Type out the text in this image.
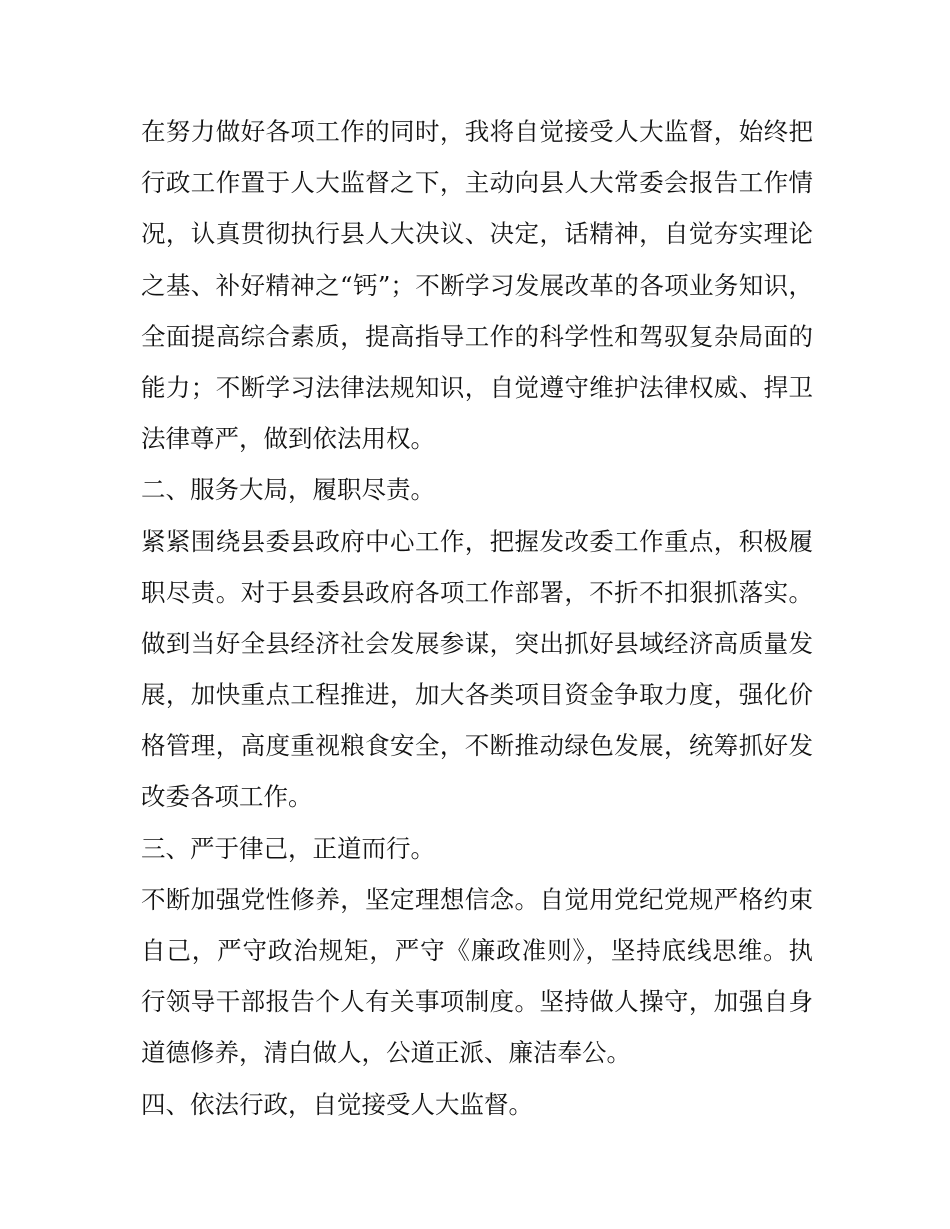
在努力做好各项工作的同时，我将自觉接受人大监督，始终把
行政工作置于人大监督之下，主动向县人大常委会报告工作情
况，认真贯彻执行县人大决议、决定，话精神，自觉夯实理论
之基、补好精神之“钙”；不断学习发展改革的各项业务知识，
全面提高综合素质，提高指导工作的科学性和驾驭复杂局面的
能力；不断学习法律法规知识，自觉遵守维护法律权威、捍卫
法律尊严，做到依法用权。
二、服务大局，履职尽责。
紧紧围绕县委县政府中心工作，把握发改委工作重点，积极履
职尽责。对于县委县政府各项工作部署，不折不扣狠抓落实。
做到当好全县经济社会发展参谋，突出抓好县域经济高质量发
展，加快重点工程推进，加大各类项目资金争取力度，强化价
格管理，高度重视粮食安全，不断推动绿色发展，统筹抓好发
改委各项工作。
三、严于律己，正道而行。
不断加强党性修养，坚定理想信念。自觉用党纪党规严格约束
自己，严守政治规矩，严守《廉政准则》，坚持底线思维。执
行领导干部报告个人有关事项制度。坚持做人操守，加强自身
道德修养，清白做人，公道正派、廉洁奉公。
四、依法行政，自觉接受人大监督。
